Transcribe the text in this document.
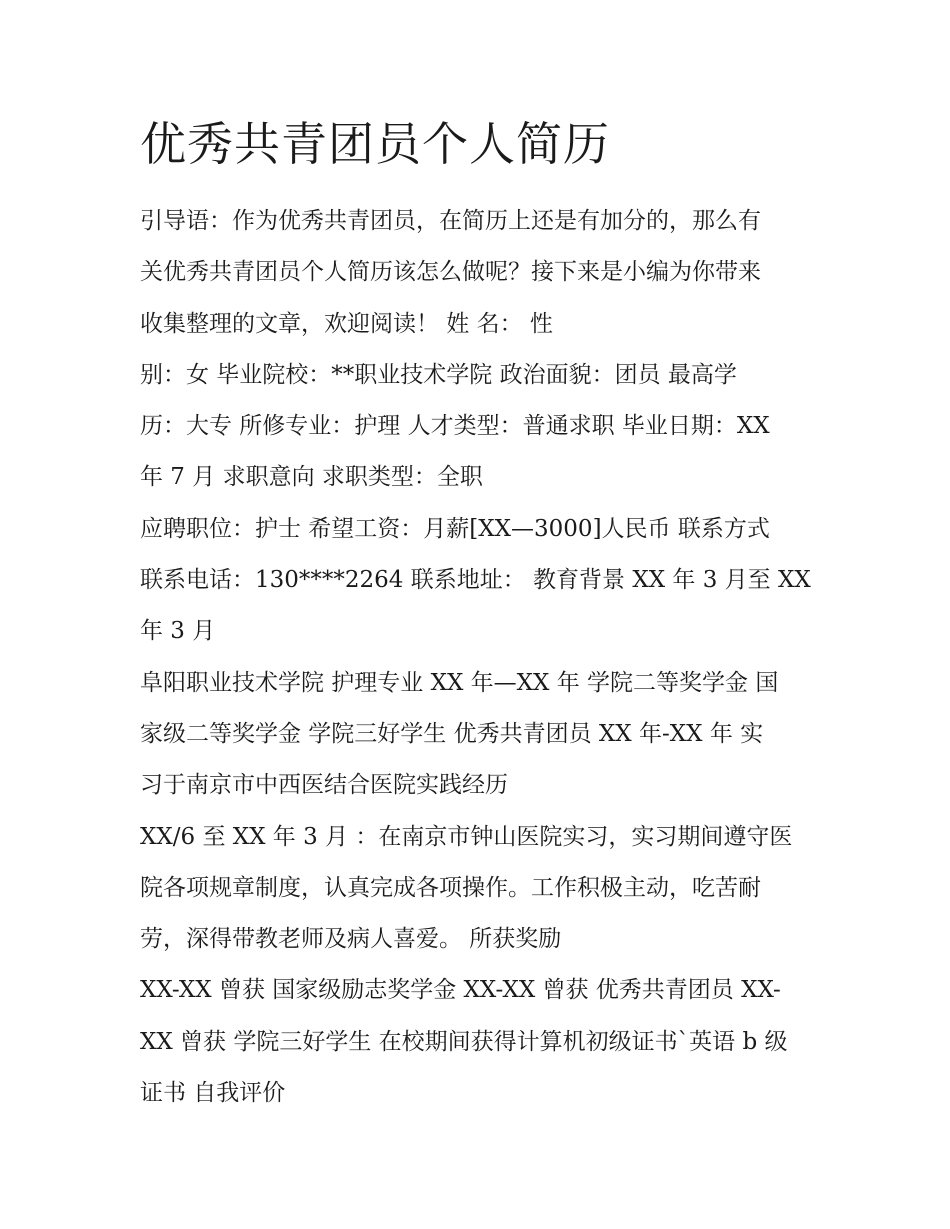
优秀共青团员个人简历
引导语：作为优秀共青团员，在简历上还是有加分的，那么有
关优秀共青团员个人简历该怎么做呢？接下来是小编为你带来
收集整理的文章，欢迎阅读！ 姓 名： 性
别：女 毕业院校：**职业技术学院 政治面貌：团员 最高学
历：大专 所修专业：护理 人才类型：普通求职 毕业日期：XX
年 7 月 求职意向 求职类型：全职
应聘职位：护士 希望工资：月薪[XX—3000]人民币 联系方式
联系电话：130****2264 联系地址： 教育背景 XX 年 3 月至 XX
年 3 月
阜阳职业技术学院 护理专业 XX 年—XX 年 学院二等奖学金 国
家级二等奖学金 学院三好学生 优秀共青团员 XX 年-XX 年 实
习于南京市中西医结合医院实践经历
XX/6 至 XX 年 3 月 ：在南京市钟山医院实习，实习期间遵守医
院各项规章制度，认真完成各项操作。工作积极主动，吃苦耐
劳，深得带教老师及病人喜爱。 所获奖励
XX-XX 曾获 国家级励志奖学金 XX-XX 曾获 优秀共青团员 XX-
XX 曾获 学院三好学生 在校期间获得计算机初级证书`英语 b 级
证书 自我评价
